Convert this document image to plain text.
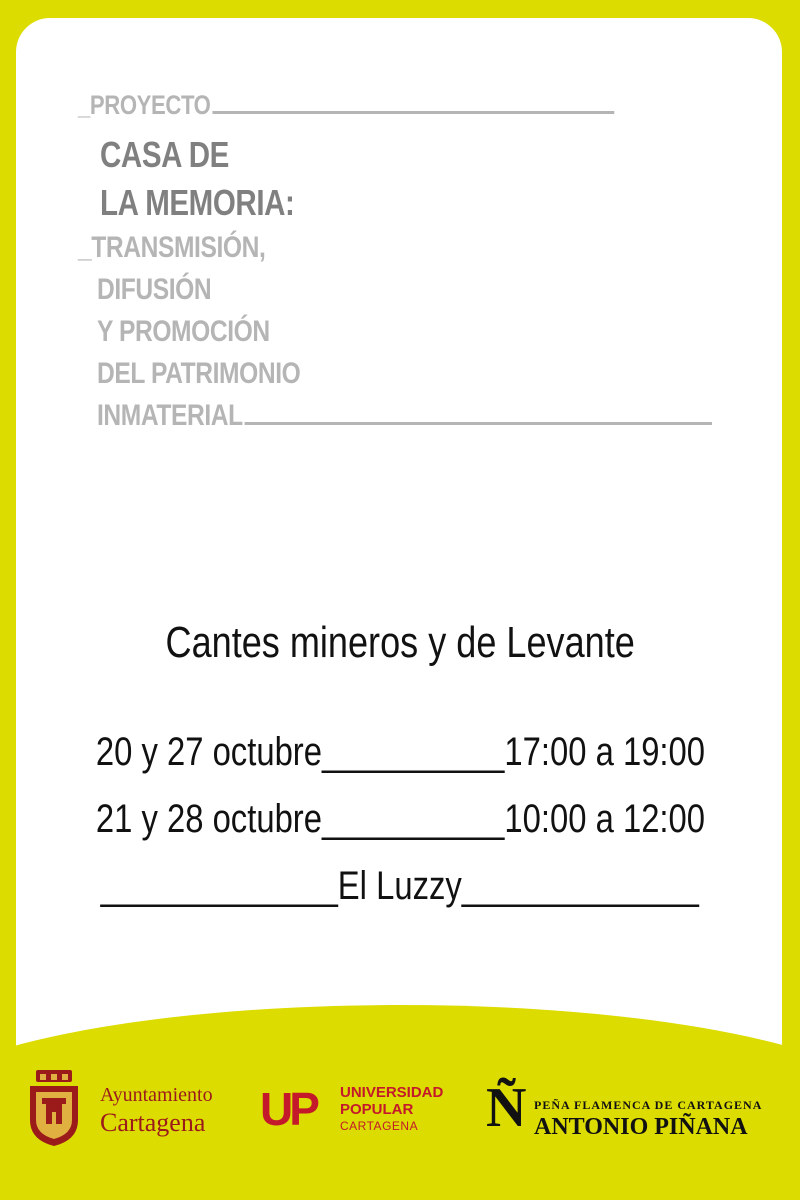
_PROYECTO
CASA DE
LA MEMORIA:
_TRANSMISIÓN,
DIFUSIÓN
Y PROMOCIÓN
DEL PATRIMONIO
INMATERIAL
Cantes mineros y de Levante
20 y 27 octubre__________17:00 a 19:00
21 y 28 octubre__________10:00 a 12:00
_____________El Luzzy_____________
Ayuntamiento
Cartagena UP UNIVERSIDAD
POPULAR
CARTAGENA Ñ PEÑA FLAMENCA DE CARTAGENA
ANTONIO PIÑANA
